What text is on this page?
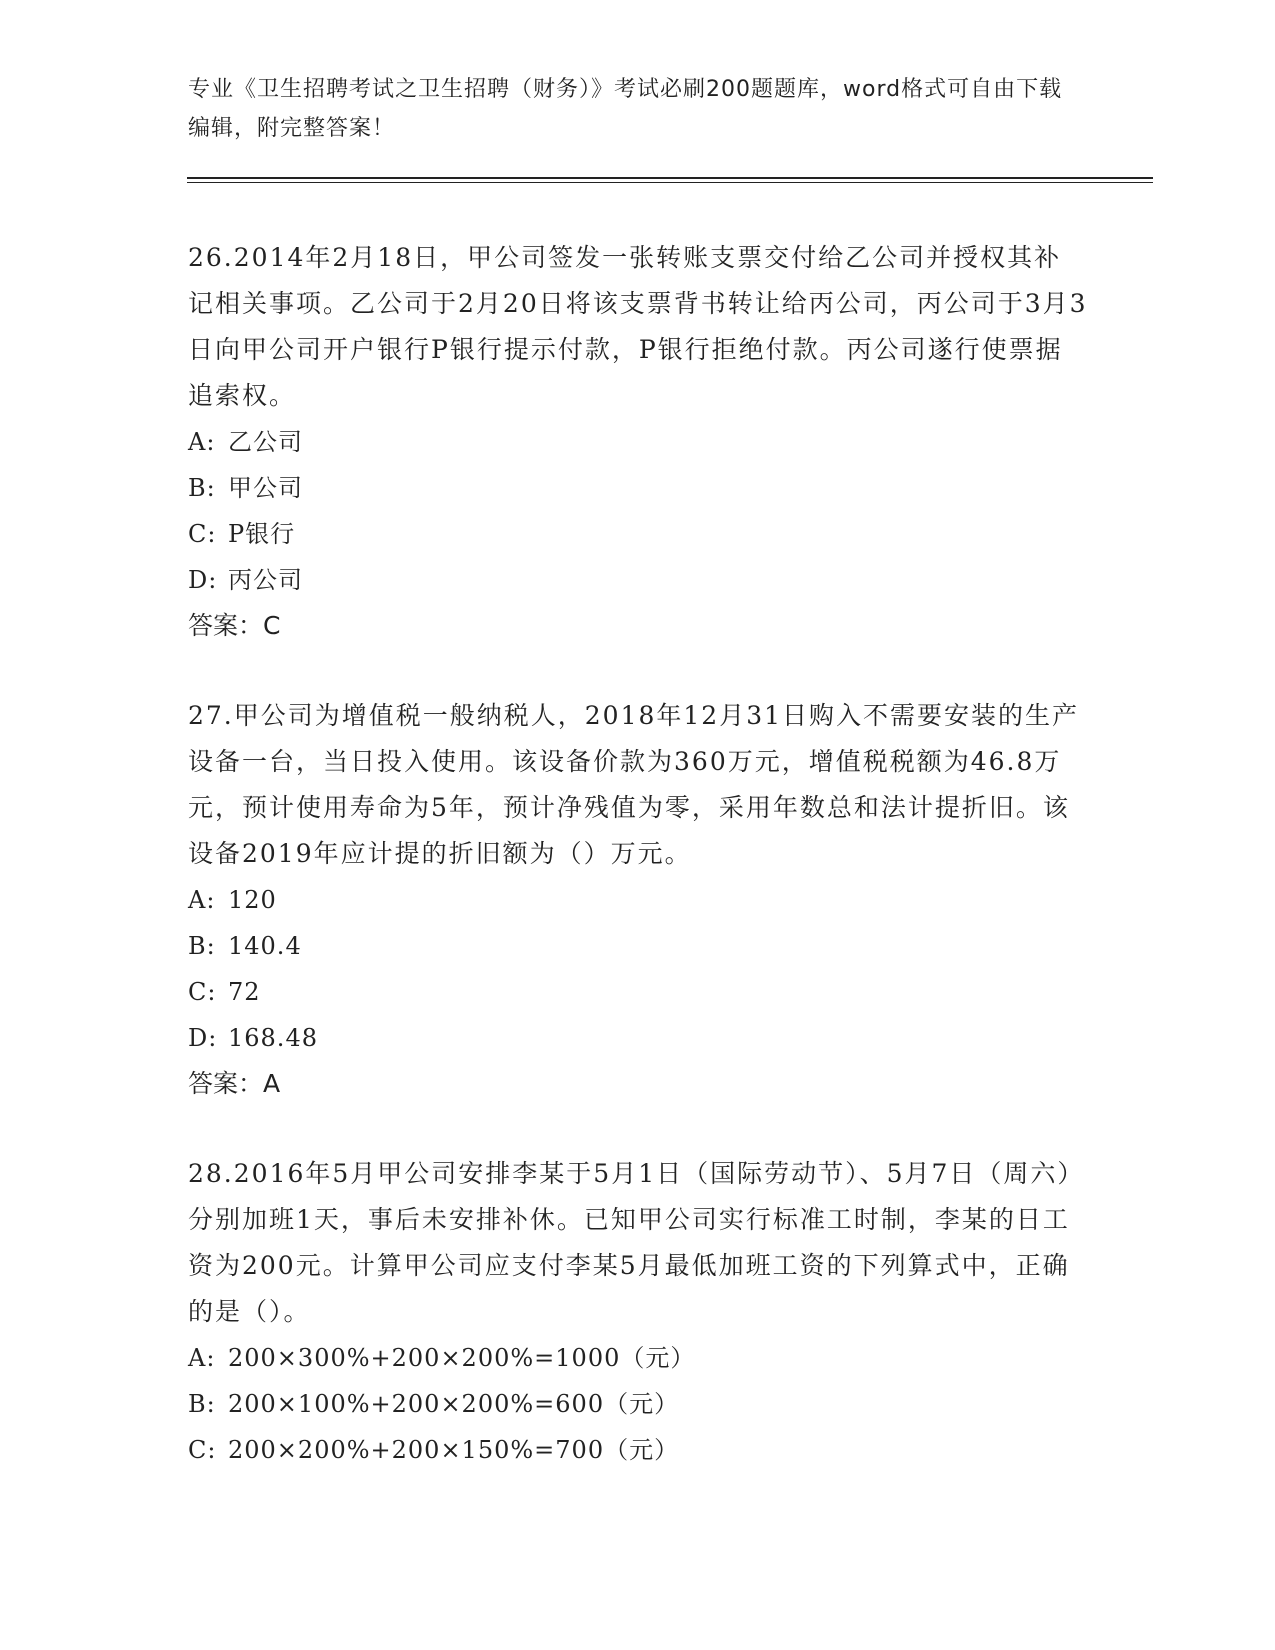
专业《卫生招聘考试之卫生招聘（财务）》考试必刷200题题库，word格式可自由下载编辑，附完整答案！

26.2014年2月18日，甲公司签发一张转账支票交付给乙公司并授权其补记相关事项。乙公司于2月20日将该支票背书转让给丙公司，丙公司于3月3日向甲公司开户银行P银行提示付款，P银行拒绝付款。丙公司遂行使票据追索权。

A: 乙公司

B: 甲公司

C: P银行

D: 丙公司

答案：C

27.甲公司为增值税一般纳税人，2018年12月31日购入不需要安装的生产设备一台，当日投入使用。该设备价款为360万元，增值税税额为46.8万元，预计使用寿命为5年，预计净残值为零，采用年数总和法计提折旧。该设备2019年应计提的折旧额为（）万元。

A: 120

B: 140.4

C: 72

D: 168.48

答案：A

28.2016年5月甲公司安排李某于5月1日（国际劳动节）、5月7日（周六）分别加班1天，事后未安排补休。已知甲公司实行标准工时制，李某的日工资为200元。计算甲公司应支付李某5月最低加班工资的下列算式中，正确的是（）。

A: 200×300%+200×200%=1000（元）

B: 200×100%+200×200%=600（元）

C: 200×200%+200×150%=700（元）
